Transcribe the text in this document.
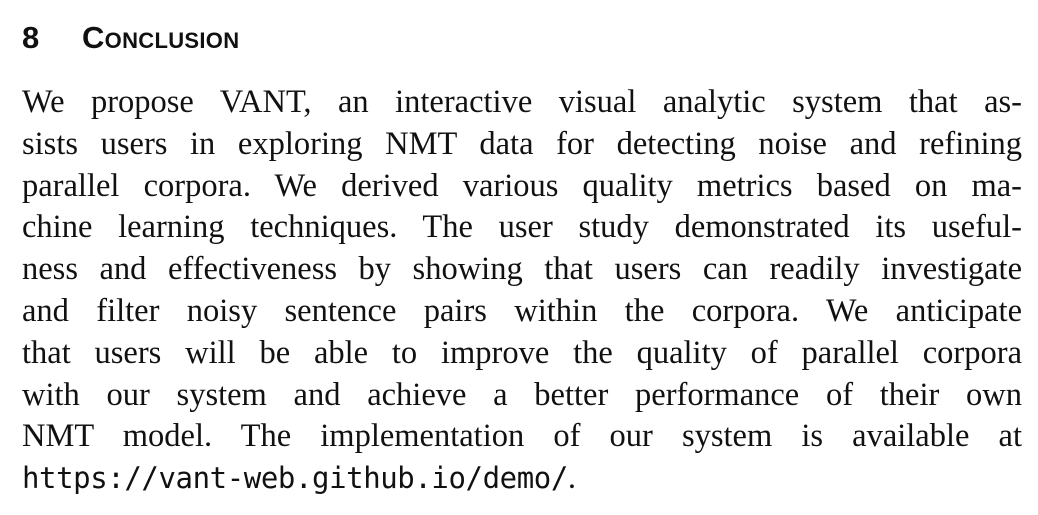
8 Conclusion
We propose VANT, an interactive visual analytic system that as-
sists users in exploring NMT data for detecting noise and refining
parallel corpora. We derived various quality metrics based on ma-
chine learning techniques. The user study demonstrated its useful-
ness and effectiveness by showing that users can readily investigate
and filter noisy sentence pairs within the corpora. We anticipate
that users will be able to improve the quality of parallel corpora
with our system and achieve a better performance of their own
NMT model. The implementation of our system is available at
https://vant-web.github.io/demo/.
